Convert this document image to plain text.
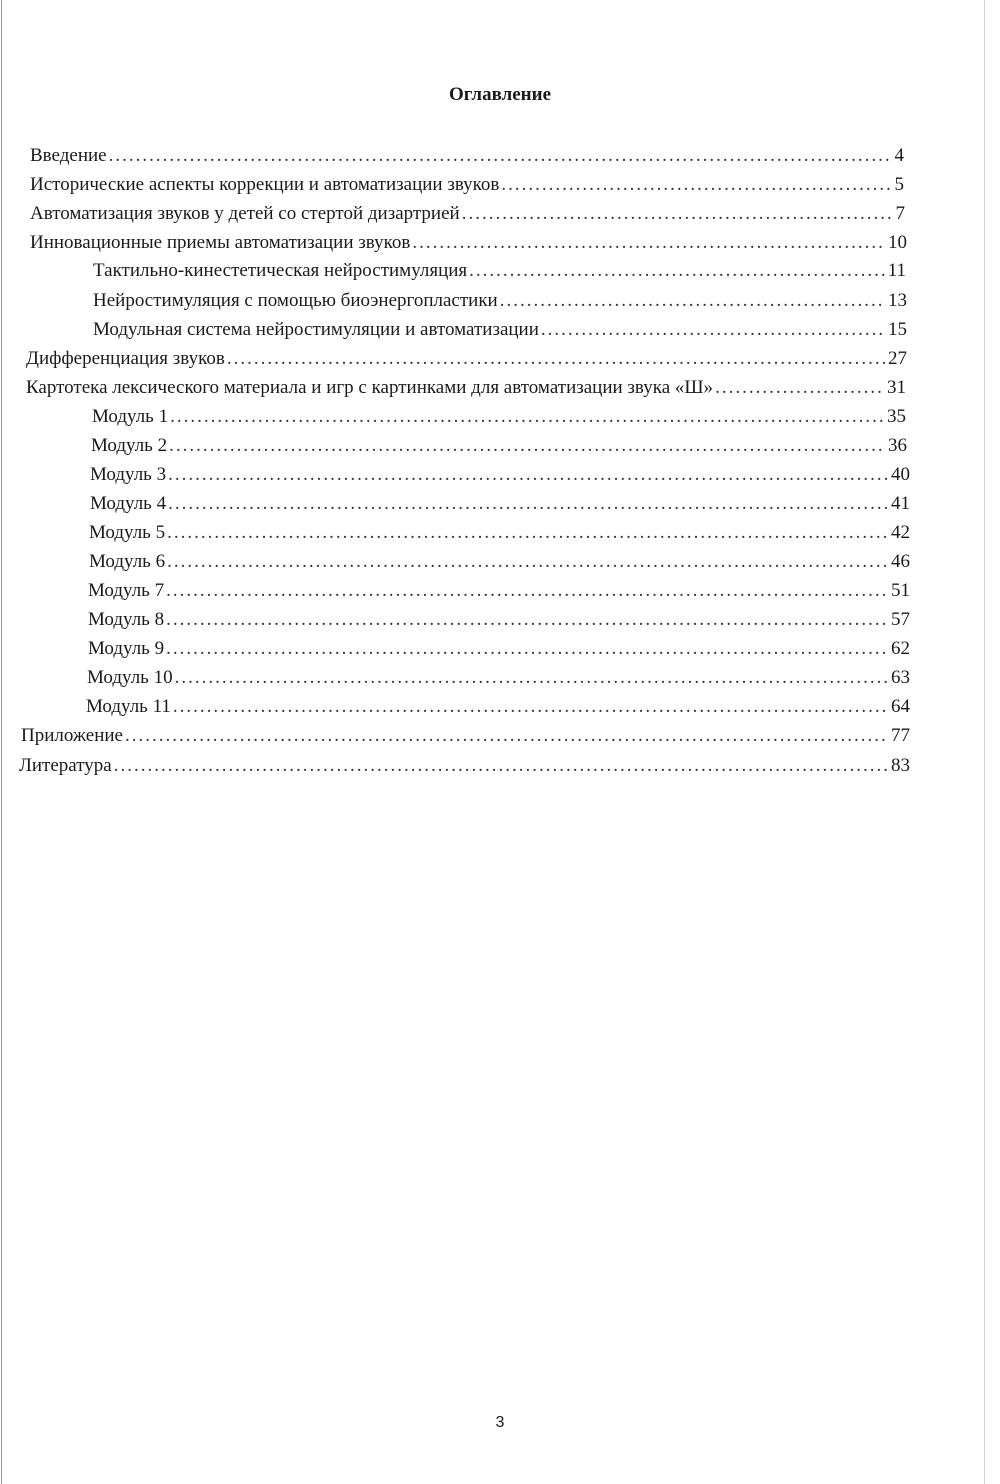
Оглавление
Введение .....	4
Исторические аспекты коррекции и автоматизации звуков .....	5
Автоматизация звуков у детей со стертой дизартрией .....	7
Инновационные приемы автоматизации звуков .....	10
Тактильно-кинестетическая нейростимуляция .....	11
Нейростимуляция с помощью биоэнергопластики .....	13
Модульная система нейростимуляции и автоматизации .....	15
Дифференциация звуков .....	27
Картотека лексического материала и игр с картинками для автоматизации звука «Ш» .....	31
Модуль 1 .....	35
Модуль 2 .....	36
Модуль 3 .....	40
Модуль 4 .....	41
Модуль 5 .....	42
Модуль 6 .....	46
Модуль 7 .....	51
Модуль 8 .....	57
Модуль 9 .....	62
Модуль 10 .....	63
Модуль 11 .....	64
Приложение .....	77
Литература .....	83
3
